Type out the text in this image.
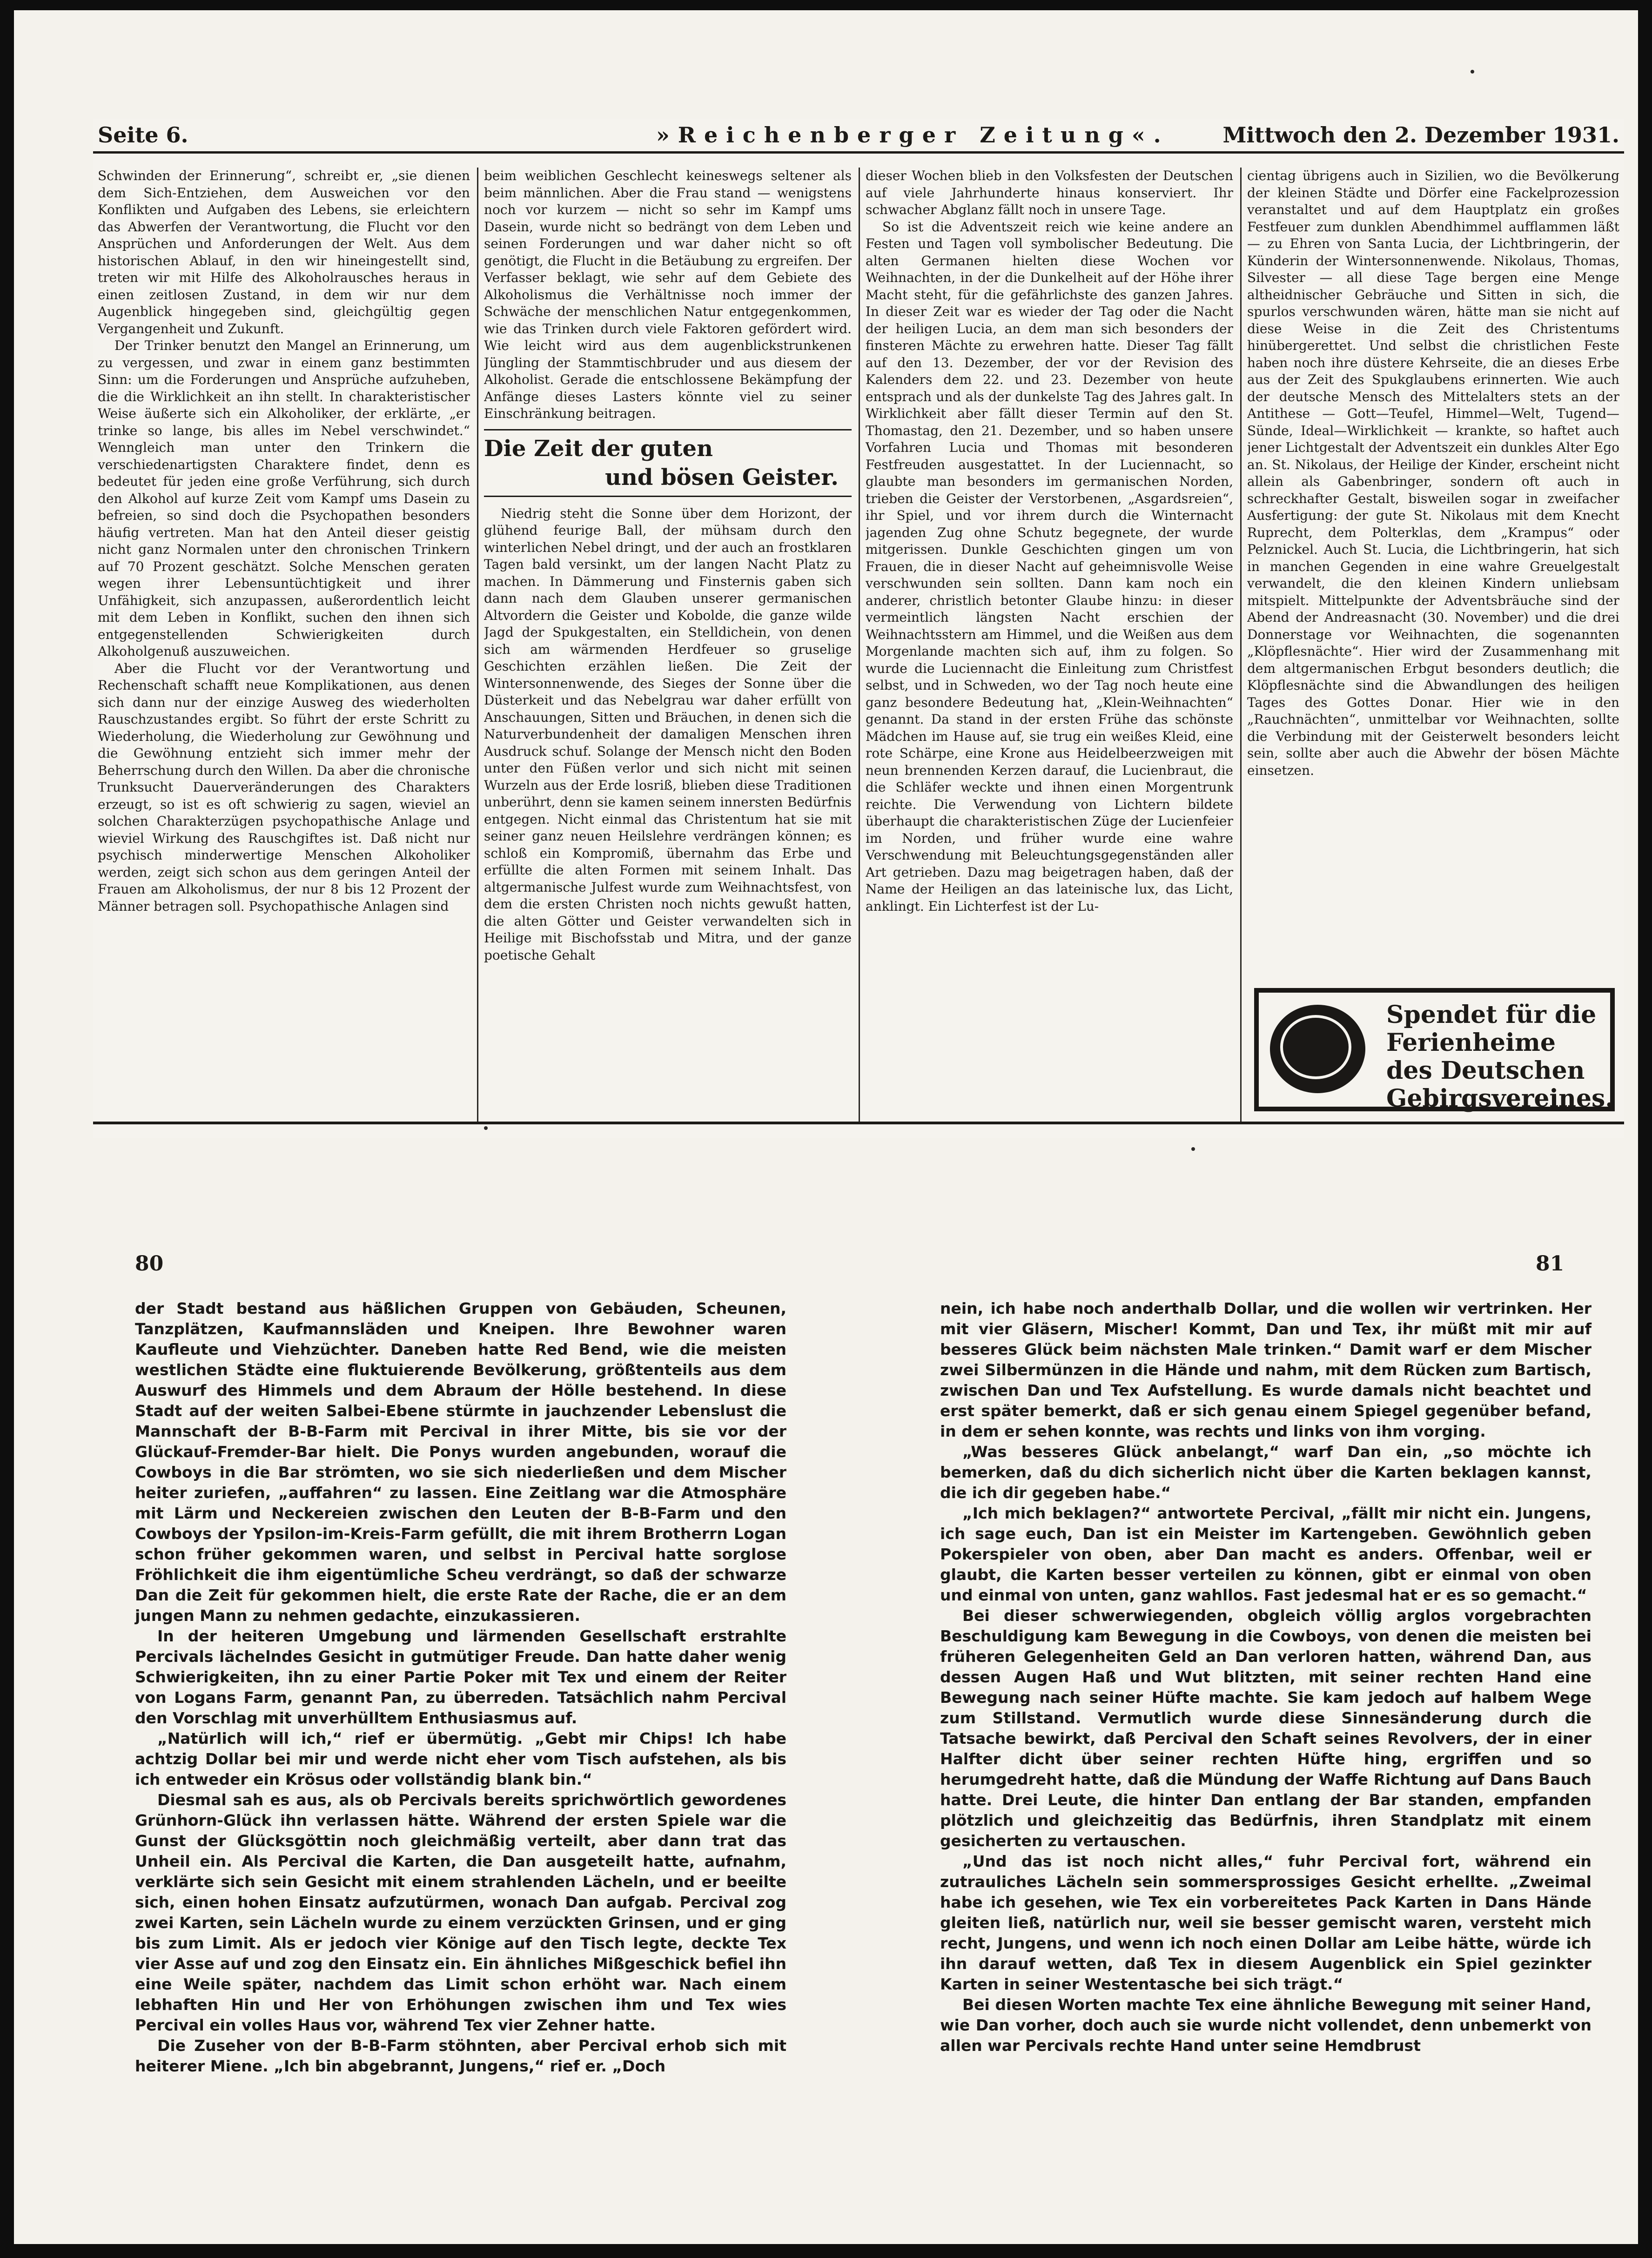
Seite 6.	»Reichenberger Zeitung«. Mittwoch den 2. Dezember 1931.

Schwinden der Erinnerung“, schreibt er, „sie dienen dem Sich-Entziehen, dem Ausweichen vor den Konflikten und Aufgaben des Lebens, sie erleichtern das Abwerfen der Verantwortung, die Flucht vor den Ansprüchen und Anforderungen der Welt. Aus dem historischen Ablauf, in den wir hineingestellt sind, treten wir mit Hilfe des Alkoholrausches heraus in einen zeitlosen Zustand, in dem wir nur dem Augenblick hingegeben sind, gleichgültig gegen Vergangenheit und Zukunft.

Der Trinker benutzt den Mangel an Erinnerung, um zu vergessen, und zwar in einem ganz bestimmten Sinn: um die Forderungen und Ansprüche aufzuheben, die die Wirklichkeit an ihn stellt. In charakteristischer Weise äußerte sich ein Alkoholiker, der erklärte, „er trinke so lange, bis alles im Nebel verschwindet.“ Wenngleich man unter den Trinkern die verschiedenartigsten Charaktere findet, denn es bedeutet für jeden eine große Verführung, sich durch den Alkohol auf kurze Zeit vom Kampf ums Dasein zu befreien, so sind doch die Psychopathen besonders häufig vertreten. Man hat den Anteil dieser geistig nicht ganz Normalen unter den chronischen Trinkern auf 70 Prozent geschätzt. Solche Menschen geraten wegen ihrer Lebensuntüchtigkeit und ihrer Unfähigkeit, sich anzupassen, außerordentlich leicht mit dem Leben in Konflikt, suchen den ihnen sich entgegenstellenden Schwierigkeiten durch Alkoholgenuß auszuweichen.

Aber die Flucht vor der Verantwortung und Rechenschaft schafft neue Komplikationen, aus denen sich dann nur der einzige Ausweg des wiederholten Rauschzustandes ergibt. So führt der erste Schritt zu Wiederholung, die Wiederholung zur Gewöhnung und die Gewöhnung entzieht sich immer mehr der Beherrschung durch den Willen. Da aber die chronische Trunksucht Dauerveränderungen des Charakters erzeugt, so ist es oft schwierig zu sagen, wieviel an solchen Charakterzügen psychopathische Anlage und wieviel Wirkung des Rauschgiftes ist. Daß nicht nur psychisch minderwertige Menschen Alkoholiker werden, zeigt sich schon aus dem geringen Anteil der Frauen am Alkoholismus, der nur 8 bis 12 Prozent der Männer betragen soll. Psychopathische Anlagen sind

beim weiblichen Geschlecht keineswegs seltener als beim männlichen. Aber die Frau stand — wenigstens noch vor kurzem — nicht so sehr im Kampf ums Dasein, wurde nicht so bedrängt von dem Leben und seinen Forderungen und war daher nicht so oft genötigt, die Flucht in die Betäubung zu ergreifen. Der Verfasser beklagt, wie sehr auf dem Gebiete des Alkoholismus die Verhältnisse noch immer der Schwäche der menschlichen Natur entgegenkommen, wie das Trinken durch viele Faktoren gefördert wird. Wie leicht wird aus dem augenblickstrunkenen Jüngling der Stammtischbruder und aus diesem der Alkoholist. Gerade die entschlossene Bekämpfung der Anfänge dieses Lasters könnte viel zu seiner Einschränkung beitragen.

Die Zeit der guten
und bösen Geister.

Niedrig steht die Sonne über dem Horizont, der glühend feurige Ball, der mühsam durch den winterlichen Nebel dringt, und der auch an frostklaren Tagen bald versinkt, um der langen Nacht Platz zu machen. In Dämmerung und Finsternis gaben sich dann nach dem Glauben unserer germanischen Altvordern die Geister und Kobolde, die ganze wilde Jagd der Spukgestalten, ein Stelldichein, von denen sich am wärmenden Herdfeuer so gruselige Geschichten erzählen ließen. Die Zeit der Wintersonnenwende, des Sieges der Sonne über die Düsterkeit und das Nebelgrau war daher erfüllt von Anschauungen, Sitten und Bräuchen, in denen sich die Naturverbundenheit der damaligen Menschen ihren Ausdruck schuf. Solange der Mensch nicht den Boden unter den Füßen verlor und sich nicht mit seinen Wurzeln aus der Erde losriß, blieben diese Traditionen unberührt, denn sie kamen seinem innersten Bedürfnis entgegen. Nicht einmal das Christentum hat sie mit seiner ganz neuen Heilslehre verdrängen können; es schloß ein Kompromiß, übernahm das Erbe und erfüllte die alten Formen mit seinem Inhalt. Das altgermanische Julfest wurde zum Weihnachtsfest, von dem die ersten Christen noch nichts gewußt hatten, die alten Götter und Geister verwandelten sich in Heilige mit Bischofsstab und Mitra, und der ganze poetische Gehalt

dieser Wochen blieb in den Volksfesten der Deutschen auf viele Jahrhunderte hinaus konserviert. Ihr schwacher Abglanz fällt noch in unsere Tage.

So ist die Adventszeit reich wie keine andere an Festen und Tagen voll symbolischer Bedeutung. Die alten Germanen hielten diese Wochen vor Weihnachten, in der die Dunkelheit auf der Höhe ihrer Macht steht, für die gefährlichste des ganzen Jahres. In dieser Zeit war es wieder der Tag oder die Nacht der heiligen Lucia, an dem man sich besonders der finsteren Mächte zu erwehren hatte. Dieser Tag fällt auf den 13. Dezember, der vor der Revision des Kalenders dem 22. und 23. Dezember von heute entsprach und als der dunkelste Tag des Jahres galt. In Wirklichkeit aber fällt dieser Termin auf den St. Thomastag, den 21. Dezember, und so haben unsere Vorfahren Lucia und Thomas mit besonderen Festfreuden ausgestattet. In der Luciennacht, so glaubte man besonders im germanischen Norden, trieben die Geister der Verstorbenen, „Asgardsreien“, ihr Spiel, und vor ihrem durch die Winternacht jagenden Zug ohne Schutz begegnete, der wurde mitgerissen. Dunkle Geschichten gingen um von Frauen, die in dieser Nacht auf geheimnisvolle Weise verschwunden sein sollten. Dann kam noch ein anderer, christlich betonter Glaube hinzu: in dieser vermeintlich längsten Nacht erschien der Weihnachtsstern am Himmel, und die Weißen aus dem Morgenlande machten sich auf, ihm zu folgen. So wurde die Luciennacht die Einleitung zum Christfest selbst, und in Schweden, wo der Tag noch heute eine ganz besondere Bedeutung hat, „Klein-Weihnachten“ genannt. Da stand in der ersten Frühe das schönste Mädchen im Hause auf, sie trug ein weißes Kleid, eine rote Schärpe, eine Krone aus Heidelbeerzweigen mit neun brennenden Kerzen darauf, die Lucienbraut, die die Schläfer weckte und ihnen einen Morgentrunk reichte. Die Verwendung von Lichtern bildete überhaupt die charakteristischen Züge der Lucienfeier im Norden, und früher wurde eine wahre Verschwendung mit Beleuchtungsgegenständen aller Art getrieben. Dazu mag beigetragen haben, daß der Name der Heiligen an das lateinische lux, das Licht, anklingt. Ein Lichterfest ist der Lu-

cientag übrigens auch in Sizilien, wo die Bevölkerung der kleinen Städte und Dörfer eine Fackelprozession veranstaltet und auf dem Hauptplatz ein großes Festfeuer zum dunklen Abendhimmel aufflammen läßt — zu Ehren von Santa Lucia, der Lichtbringerin, der Künderin der Wintersonnenwende. Nikolaus, Thomas, Silvester — all diese Tage bergen eine Menge altheidnischer Gebräuche und Sitten in sich, die spurlos verschwunden wären, hätte man sie nicht auf diese Weise in die Zeit des Christentums hinübergerettet. Und selbst die christlichen Feste haben noch ihre düstere Kehrseite, die an dieses Erbe aus der Zeit des Spukglaubens erinnerten. Wie auch der deutsche Mensch des Mittelalters stets an der Antithese — Gott—Teufel, Himmel—Welt, Tugend—Sünde, Ideal—Wirklichkeit — krankte, so haftet auch jener Lichtgestalt der Adventszeit ein dunkles Alter Ego an. St. Nikolaus, der Heilige der Kinder, erscheint nicht allein als Gabenbringer, sondern oft auch in schreckhafter Gestalt, bisweilen sogar in zweifacher Ausfertigung: der gute St. Nikolaus mit dem Knecht Ruprecht, dem Polterklas, dem „Krampus“ oder Pelznickel. Auch St. Lucia, die Lichtbringerin, hat sich in manchen Gegenden in eine wahre Greuelgestalt verwandelt, die den kleinen Kindern unliebsam mitspielt. Mittelpunkte der Adventsbräuche sind der Abend der Andreasnacht (30. November) und die drei Donnerstage vor Weihnachten, die sogenannten „Klöpflesnächte“. Hier wird der Zusammenhang mit dem altgermanischen Erbgut besonders deutlich; die Klöpflesnächte sind die Abwandlungen des heiligen Tages des Gottes Donar. Hier wie in den „Rauchnächten“, unmittelbar vor Weihnachten, sollte die Verbindung mit der Geisterwelt besonders leicht sein, sollte aber auch die Abwehr der bösen Mächte einsetzen.

Spendet für die
Ferienheime
des Deutschen
Gebirgsvereines.
80	81

der Stadt bestand aus häßlichen Gruppen von Gebäuden, Scheunen, Tanzplätzen, Kaufmannsläden und Kneipen. Ihre Bewohner waren Kaufleute und Viehzüchter. Daneben hatte Red Bend, wie die meisten westlichen Städte eine fluktuierende Bevölkerung, größtenteils aus dem Auswurf des Himmels und dem Abraum der Hölle bestehend. In diese Stadt auf der weiten Salbei-Ebene stürmte in jauchzender Lebenslust die Mannschaft der B-B-Farm mit Percival in ihrer Mitte, bis sie vor der Glückauf-Fremder-Bar hielt. Die Ponys wurden angebunden, worauf die Cowboys in die Bar strömten, wo sie sich niederließen und dem Mischer heiter zuriefen, „auffahren“ zu lassen. Eine Zeitlang war die Atmosphäre mit Lärm und Neckereien zwischen den Leuten der B-B-Farm und den Cowboys der Ypsilon-im-Kreis-Farm gefüllt, die mit ihrem Brotherrn Logan schon früher gekommen waren, und selbst in Percival hatte sorglose Fröhlichkeit die ihm eigentümliche Scheu verdrängt, so daß der schwarze Dan die Zeit für gekommen hielt, die erste Rate der Rache, die er an dem jungen Mann zu nehmen gedachte, einzukassieren.

In der heiteren Umgebung und lärmenden Gesellschaft erstrahlte Percivals lächelndes Gesicht in gutmütiger Freude. Dan hatte daher wenig Schwierigkeiten, ihn zu einer Partie Poker mit Tex und einem der Reiter von Logans Farm, genannt Pan, zu überreden. Tatsächlich nahm Percival den Vorschlag mit unverhülltem Enthusiasmus auf.

„Natürlich will ich,“ rief er übermütig. „Gebt mir Chips! Ich habe achtzig Dollar bei mir und werde nicht eher vom Tisch aufstehen, als bis ich entweder ein Krösus oder vollständig blank bin.“

Diesmal sah es aus, als ob Percivals bereits sprichwörtlich gewordenes Grünhorn-Glück ihn verlassen hätte. Während der ersten Spiele war die Gunst der Glücksgöttin noch gleichmäßig verteilt, aber dann trat das Unheil ein. Als Percival die Karten, die Dan ausgeteilt hatte, aufnahm, verklärte sich sein Gesicht mit einem strahlenden Lächeln, und er beeilte sich, einen hohen Einsatz aufzutürmen, wonach Dan aufgab. Percival zog zwei Karten, sein Lächeln wurde zu einem verzückten Grinsen, und er ging bis zum Limit. Als er jedoch vier Könige auf den Tisch legte, deckte Tex vier Asse auf und zog den Einsatz ein. Ein ähnliches Mißgeschick befiel ihn eine Weile später, nachdem das Limit schon erhöht war. Nach einem lebhaften Hin und Her von Erhöhungen zwischen ihm und Tex wies Percival ein volles Haus vor, während Tex vier Zehner hatte.

Die Zuseher von der B-B-Farm stöhnten, aber Percival erhob sich mit heiterer Miene. „Ich bin abgebrannt, Jungens,“ rief er. „Doch

nein, ich habe noch anderthalb Dollar, und die wollen wir vertrinken. Her mit vier Gläsern, Mischer! Kommt, Dan und Tex, ihr müßt mit mir auf besseres Glück beim nächsten Male trinken.“ Damit warf er dem Mischer zwei Silbermünzen in die Hände und nahm, mit dem Rücken zum Bartisch, zwischen Dan und Tex Aufstellung. Es wurde damals nicht beachtet und erst später bemerkt, daß er sich genau einem Spiegel gegenüber befand, in dem er sehen konnte, was rechts und links von ihm vorging.

„Was besseres Glück anbelangt,“ warf Dan ein, „so möchte ich bemerken, daß du dich sicherlich nicht über die Karten beklagen kannst, die ich dir gegeben habe.“

„Ich mich beklagen?“ antwortete Percival, „fällt mir nicht ein. Jungens, ich sage euch, Dan ist ein Meister im Kartengeben. Gewöhnlich geben Pokerspieler von oben, aber Dan macht es anders. Offenbar, weil er glaubt, die Karten besser verteilen zu können, gibt er einmal von oben und einmal von unten, ganz wahllos. Fast jedesmal hat er es so gemacht.“

Bei dieser schwerwiegenden, obgleich völlig arglos vorgebrachten Beschuldigung kam Bewegung in die Cowboys, von denen die meisten bei früheren Gelegenheiten Geld an Dan verloren hatten, während Dan, aus dessen Augen Haß und Wut blitzten, mit seiner rechten Hand eine Bewegung nach seiner Hüfte machte. Sie kam jedoch auf halbem Wege zum Stillstand. Vermutlich wurde diese Sinnesänderung durch die Tatsache bewirkt, daß Percival den Schaft seines Revolvers, der in einer Halfter dicht über seiner rechten Hüfte hing, ergriffen und so herumgedreht hatte, daß die Mündung der Waffe Richtung auf Dans Bauch hatte. Drei Leute, die hinter Dan entlang der Bar standen, empfanden plötzlich und gleichzeitig das Bedürfnis, ihren Standplatz mit einem gesicherten zu vertauschen.

„Und das ist noch nicht alles,“ fuhr Percival fort, während ein zutrauliches Lächeln sein sommersprossiges Gesicht erhellte. „Zweimal habe ich gesehen, wie Tex ein vorbereitetes Pack Karten in Dans Hände gleiten ließ, natürlich nur, weil sie besser gemischt waren, versteht mich recht, Jungens, und wenn ich noch einen Dollar am Leibe hätte, würde ich ihn darauf wetten, daß Tex in diesem Augenblick ein Spiel gezinkter Karten in seiner Westentasche bei sich trägt.“

Bei diesen Worten machte Tex eine ähnliche Bewegung mit seiner Hand, wie Dan vorher, doch auch sie wurde nicht vollendet, denn unbemerkt von allen war Percivals rechte Hand unter seine Hemdbrust
